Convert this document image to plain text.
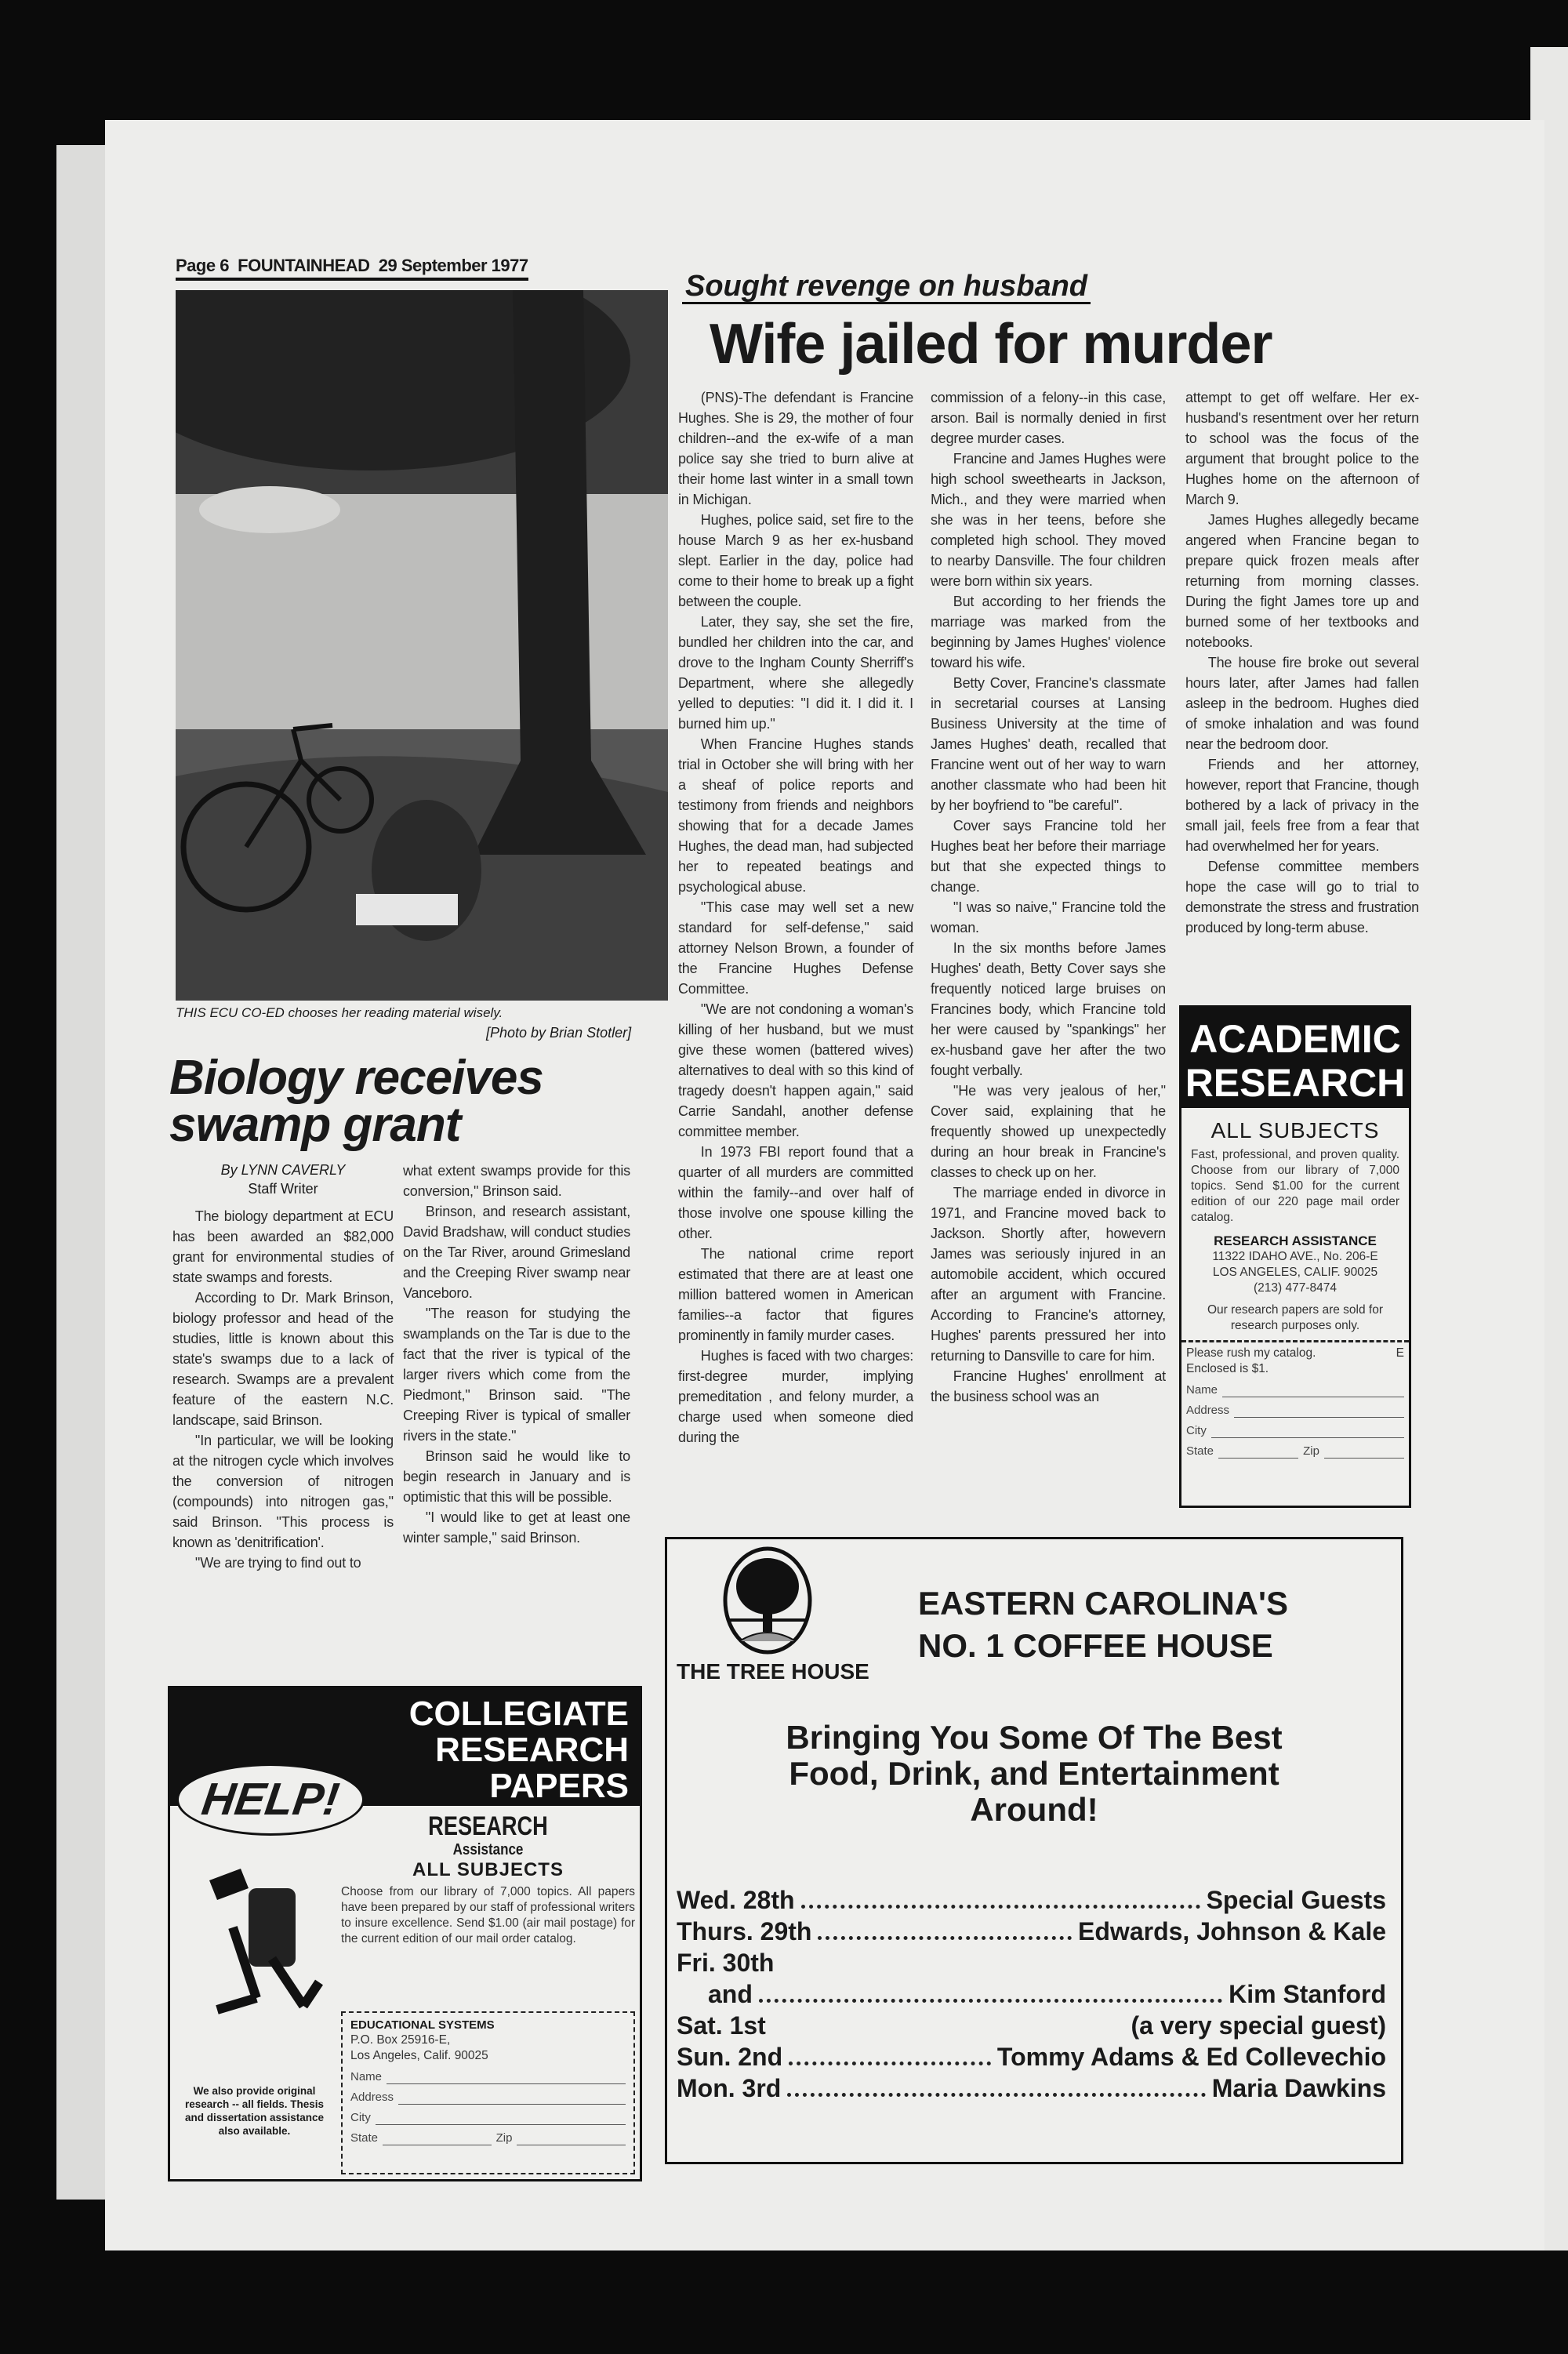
Page 6 FOUNTAINHEAD 29 September 1977
THIS ECU CO-ED chooses her reading material wisely.
[Photo by Brian Stotler]
Biology receives
swamp grant
By LYNN CAVERLY
Staff Writer

The biology department at ECU has been awarded an $82,000 grant for environmental studies of state swamps and forests.

According to Dr. Mark Brinson, biology professor and head of the studies, little is known about this state's swamps due to a lack of research. Swamps are a prevalent feature of the eastern N.C. landscape, said Brinson.

''In particular, we will be looking at the nitrogen cycle which involves the conversion of nitrogen (compounds) into nitrogen gas,'' said Brinson. ''This process is known as 'denitrification'.

''We are trying to find out to

what extent swamps provide for this conversion,'' Brinson said.

Brinson, and research assistant, David Bradshaw, will conduct studies on the Tar River, around Grimesland and the Creeping River swamp near Vanceboro.

''The reason for studying the swamplands on the Tar is due to the fact that the river is typical of the larger rivers which come from the Piedmont,'' Brinson said. ''The Creeping River is typical of smaller rivers in the state.''

Brinson said he would like to begin research in January and is optimistic that this will be possible.

''I would like to get at least one winter sample,'' said Brinson.

Sought revenge on husband
Wife jailed for murder

(PNS)-The defendant is Francine Hughes. She is 29, the mother of four children--and the ex-wife of a man police say she tried to burn alive at their home last winter in a small town in Michigan.

Hughes, police said, set fire to the house March 9 as her ex-husband slept. Earlier in the day, police had come to their home to break up a fight between the couple.

Later, they say, she set the fire, bundled her children into the car, and drove to the Ingham County Sherriff's Department, where she allegedly yelled to deputies: ''I did it. I did it. I burned him up.''

When Francine Hughes stands trial in October she will bring with her a sheaf of police reports and testimony from friends and neighbors showing that for a decade James Hughes, the dead man, had subjected her to repeated beatings and psychological abuse.

''This case may well set a new standard for self-defense,'' said attorney Nelson Brown, a founder of the Francine Hughes Defense Committee.

''We are not condoning a woman's killing of her husband, but we must give these women (battered wives) alternatives to deal with so this kind of tragedy doesn't happen again,'' said Carrie Sandahl, another defense committee member.

In 1973 FBI report found that a quarter of all murders are committed within the family--and over half of those involve one spouse killing the other.

The national crime report estimated that there are at least one million battered women in American families--a factor that figures prominently in family murder cases.

Hughes is faced with two charges: first-degree murder, implying premeditation , and felony murder, a charge used when someone died during the

commission of a felony--in this case, arson. Bail is normally denied in first degree murder cases.

Francine and James Hughes were high school sweethearts in Jackson, Mich., and they were married when she was in her teens, before she completed high school. They moved to nearby Dansville. The four children were born within six years.

But according to her friends the marriage was marked from the beginning by James Hughes' violence toward his wife.

Betty Cover, Francine's classmate in secretarial courses at Lansing Business University at the time of James Hughes' death, recalled that Francine went out of her way to warn another classmate who had been hit by her boyfriend to ''be careful''.

Cover says Francine told her Hughes beat her before their marriage but that she expected things to change.

''I was so naive,'' Francine told the woman.

In the six months before James Hughes' death, Betty Cover says she frequently noticed large bruises on Francines body, which Francine told her were caused by ''spankings'' her ex-husband gave her after the two fought verbally.

''He was very jealous of her,'' Cover said, explaining that he frequently showed up unexpectedly during an hour break in Francine's classes to check up on her.

The marriage ended in divorce in 1971, and Francine moved back to Jackson. Shortly after, howevern James was seriously injured in an automobile accident, which occured after an argument with Francine. According to Francine's attorney, Hughes' parents pressured her into returning to Dansville to care for him.

Francine Hughes' enrollment at the business school was an

attempt to get off welfare. Her ex-husband's resentment over her return to school was the focus of the argument that brought police to the Hughes home on the afternoon of March 9.

James Hughes allegedly became angered when Francine began to prepare quick frozen meals after returning from morning classes. During the fight James tore up and burned some of her textbooks and notebooks.

The house fire broke out several hours later, after James had fallen asleep in the bedroom. Hughes died of smoke inhalation and was found near the bedroom door.

Friends and her attorney, however, report that Francine, though bothered by a lack of privacy in the small jail, feels free from a fear that had overwhelmed her for years.

Defense committee members hope the case will go to trial to demonstrate the stress and frustration produced by long-term abuse.

ACADEMIC
RESEARCH
ALL SUBJECTS
Fast, professional, and proven quality. Choose from our library of 7,000 topics. Send $1.00 for the current edition of our 220 page mail order catalog.
RESEARCH ASSISTANCE
11322 IDAHO AVE., No. 206-E
LOS ANGELES, CALIF. 90025
(213) 477-8474
Our research papers are sold for research purposes only.
Please rush my catalog.	E
Enclosed is $1.
Name
Address
City
State	Zip
COLLEGIATE
RESEARCH
PAPERS
HELP!
We also provide original research -- all fields. Thesis and dissertation assistance also available.
RESEARCH
Assistance
ALL SUBJECTS
Choose from our library of 7,000 topics. All papers have been prepared by our staff of professional writers to insure excellence. Send $1.00 (air mail postage) for the current edition of our mail order catalog.
EDUCATIONAL SYSTEMS
P.O. Box 25916-E,
Los Angeles, Calif. 90025
Name
Address
City
State	Zip
THE TREE HOUSE
EASTERN CAROLINA'S
NO. 1 COFFEE HOUSE
Bringing You Some Of The Best
Food, Drink, and Entertainment
Around!
Wed. 28th	Special Guests
Thurs. 29th	Edwards, Johnson & Kale
Fri. 30th
and	Kim Stanford
Sat. 1st	(a very special guest)
Sun. 2nd	Tommy Adams & Ed Collevechio
Mon. 3rd	Maria Dawkins
